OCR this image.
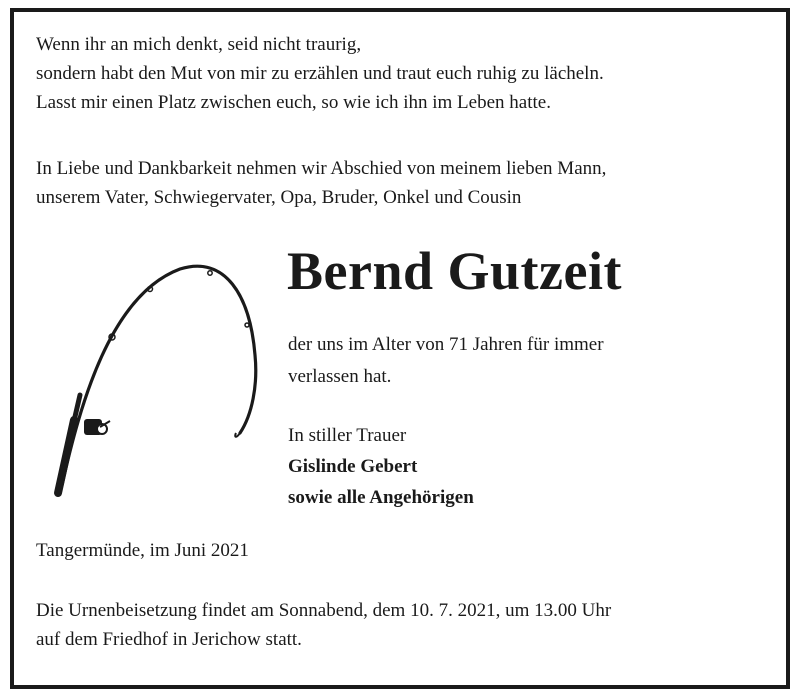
Wenn ihr an mich denkt, seid nicht traurig,
sondern habt den Mut von mir zu erzählen und traut euch ruhig zu lächeln.
Lasst mir einen Platz zwischen euch, so wie ich ihn im Leben hatte.
In Liebe und Dankbarkeit nehmen wir Abschied von meinem lieben Mann,
unserem Vater, Schwiegervater, Opa, Bruder, Onkel und Cousin
Bernd Gutzeit
der uns im Alter von 71 Jahren für immer
verlassen hat.
In stiller Trauer
Gislinde Gebert
sowie alle Angehörigen
Tangermünde, im Juni 2021
Die Urnenbeisetzung findet am Sonnabend, dem 10. 7. 2021, um 13.00 Uhr
auf dem Friedhof in Jerichow statt.
